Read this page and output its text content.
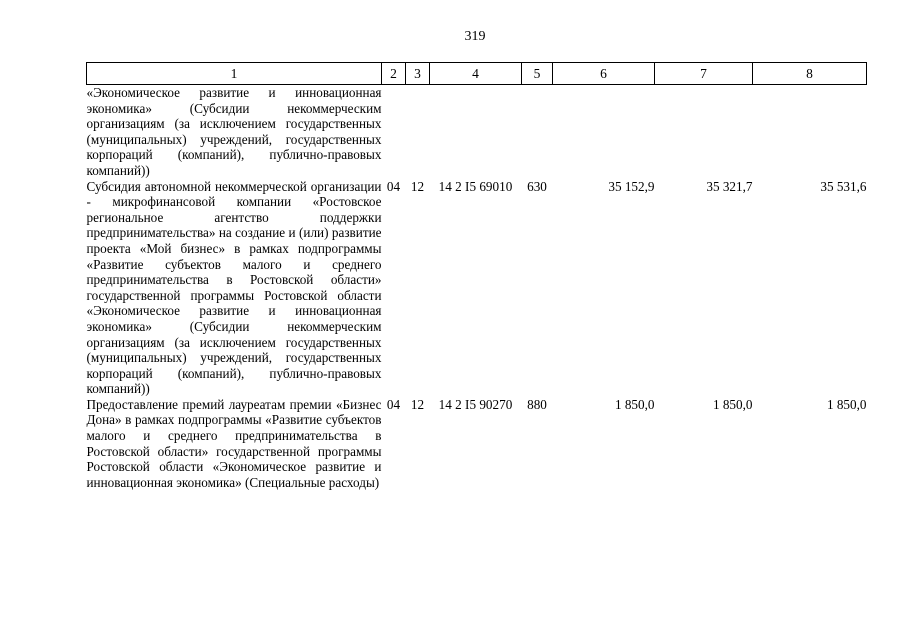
319
1	2	3	4	5	6	7	8
«Экономическое развитие и инновационная экономика» (Субсидии некоммерческим организациям (за исключением государственных (муниципальных) учреждений, государственных корпораций (компаний), публично-правовых компаний))							
Субсидия автономной некоммерческой организации - микрофинансовой компании «Ростовское региональное агентство поддержки предпринимательства» на создание и (или) развитие проекта «Мой бизнес» в рамках подпрограммы «Развитие субъектов малого и среднего предпринимательства в Ростовской области» государственной программы Ростовской области «Экономическое развитие и инновационная экономика» (Субсидии некоммерческим организациям (за исключением государственных (муниципальных) учреждений, государственных корпораций (компаний), публично-правовых компаний))	04	12	14 2 I5 69010	630	35 152,9	35 321,7	35 531,6
Предоставление премий лауреатам премии «Бизнес Дона» в рамках подпрограммы «Развитие субъектов малого и среднего предпринимательства в Ростовской области» государственной программы Ростовской области «Экономическое развитие и инновационная экономика» (Специальные расходы)	04	12	14 2 I5 90270	880	1 850,0	1 850,0	1 850,0
